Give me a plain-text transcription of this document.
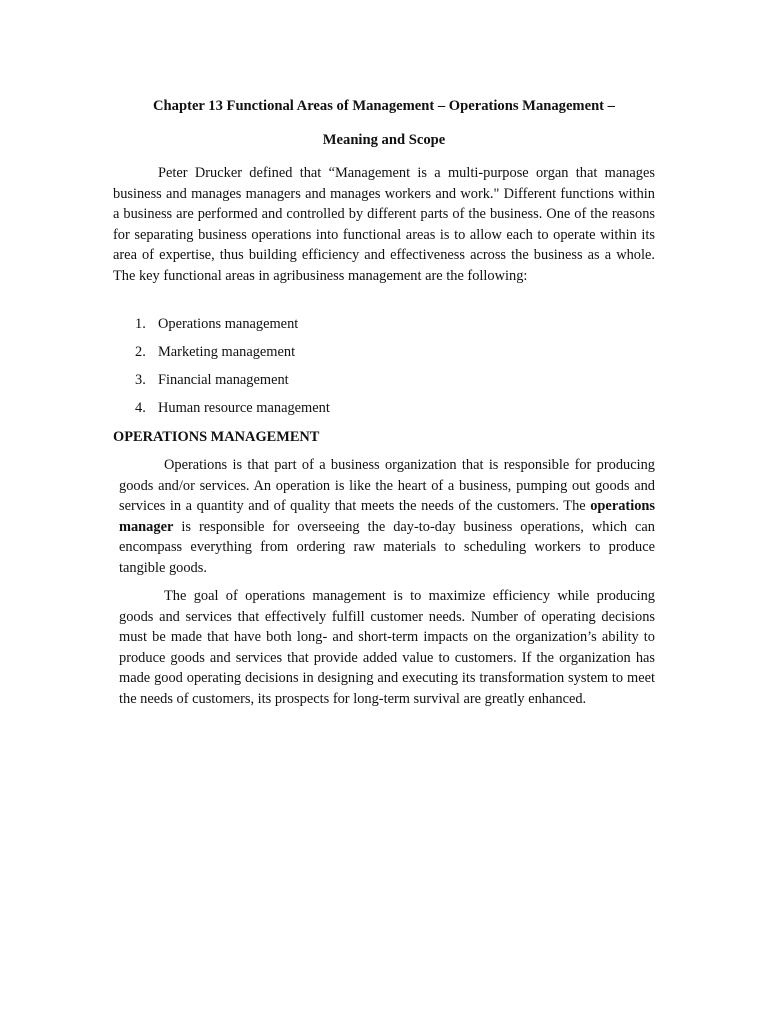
Chapter 13 Functional Areas of Management – Operations Management –
Meaning and Scope

Peter Drucker defined that “Management is a multi-purpose organ that manages business and manages managers and manages workers and work." Different functions within a business are performed and controlled by different parts of the business. One of the reasons for separating business operations into functional areas is to allow each to operate within its area of expertise, thus building efficiency and effectiveness across the business as a whole. The key functional areas in agribusiness management are the following:

1. Operations management
2. Marketing management
3. Financial management
4. Human resource management
OPERATIONS MANAGEMENT

Operations is that part of a business organization that is responsible for producing goods and/or services. An operation is like the heart of a business, pumping out goods and services in a quantity and of quality that meets the needs of the customers. The operations manager is responsible for overseeing the day-to-day business operations, which can encompass everything from ordering raw materials to scheduling workers to produce tangible goods.

The goal of operations management is to maximize efficiency while producing goods and services that effectively fulfill customer needs. Number of operating decisions must be made that have both long- and short-term impacts on the organization’s ability to produce goods and services that provide added value to customers. If the organization has made good operating decisions in designing and executing its transformation system to meet the needs of customers, its prospects for long-term survival are greatly enhanced.
